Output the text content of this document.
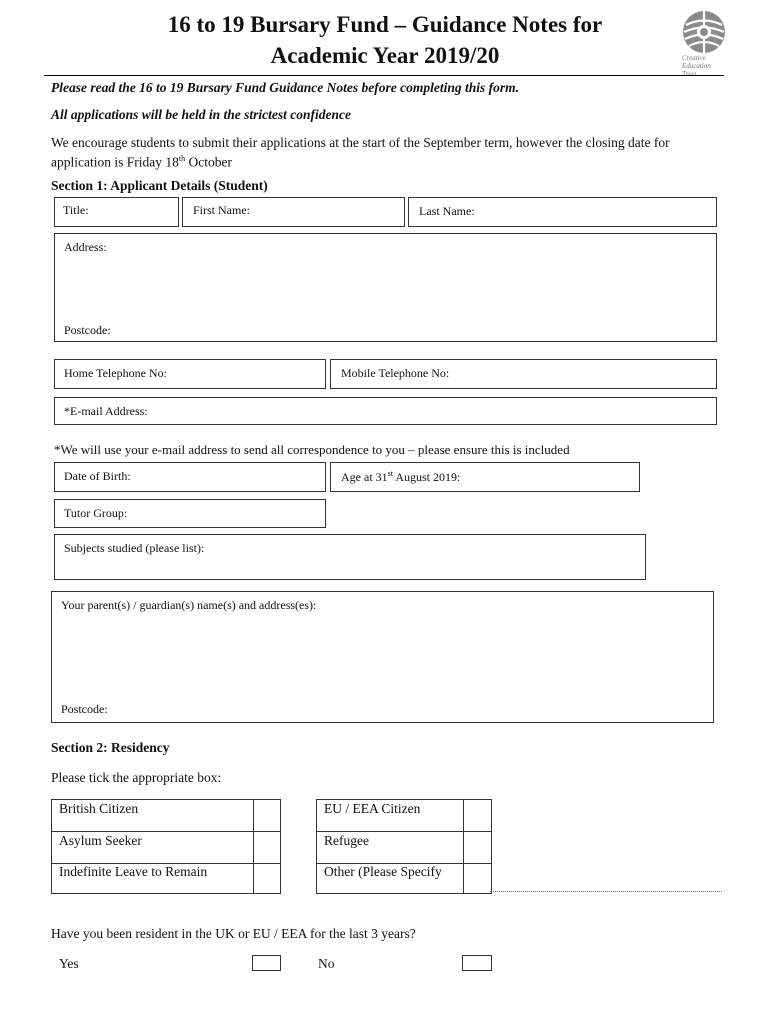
16 to 19 Bursary Fund – Guidance Notes for
Academic Year 2019/20	Creative
Education
Trust
Please read the 16 to 19 Bursary Fund Guidance Notes before completing this form.
All applications will be held in the strictest confidence
We encourage students to submit their applications at the start of the September term, however the closing date for
application is Friday 18th October
Section 1: Applicant Details (Student)
Title:	First Name:	Last Name:
Address:
Postcode:
Home Telephone No:	Mobile Telephone No:
*E-mail Address:
*We will use your e-mail address to send all correspondence to you – please ensure this is included
Date of Birth:	Age at 31st August 2019:
Tutor Group:
Subjects studied (please list):
Your parent(s) / guardian(s) name(s) and address(es):
Postcode:
Section 2: Residency
Please tick the appropriate box:
British Citizen
Asylum Seeker
Indefinite Leave to Remain
EU / EEA Citizen
Refugee
Other (Please Specify
Have you been resident in the UK or EU / EEA for the last 3 years?
Yes	No
